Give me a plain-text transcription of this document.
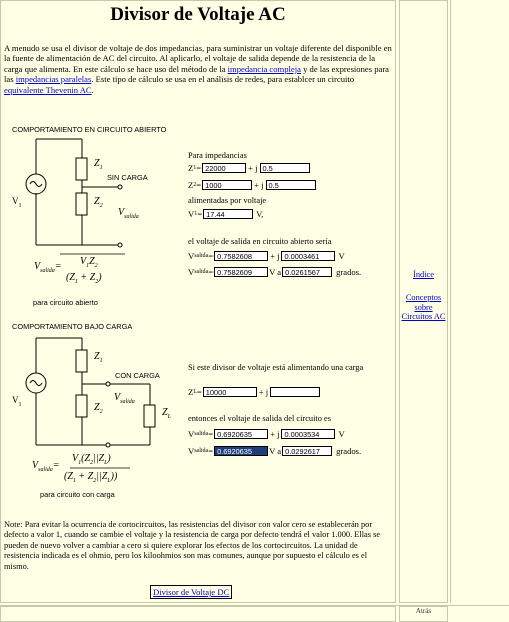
Divisor de Voltaje AC
A menudo se usa el divisor de voltaje de dos impedancias, para suministrar un voltaje diferente del disponible en la fuente de alimentación de AC del circuito. Al aplicarlo, el voltaje de salida depende de la resistencia de la carga que alimenta. En este cálculo se hace uso del método de la impedancia compleja y de las expresiones para las impedancias paralelas. Este tipo de cálculo se usa en el análisis de redes, para establcer un circuito equivalente Thevenin AC.
COMPORTAMIENTO EN CIRCUITO ABIERTO
$Z_1$
SIN CARGA
$Z_2$
$V_1$
$V_{salida}$
$V_{salida}= V_1Z_2$
$(Z_1 + Z_2)$
para circuito abierto
Para impedancias
Z 1 = 22000	+ j 0.5
Z 2 = 1000	+ j 0.5
alimentadas por voltaje
V 1 = 17.44	V,
el voltaje de salida en circuito abierto sería
V salida = 0.7582608	+ j 0.0003461	V
V salida = 0.7582609	V a 0.0261567	grados.
COMPORTAMIENTO BAJO CARGA
$Z_1$
CON CARGA
$V_{salida}$
$V_1$	$Z_2$	$Z_L$
$V_{salida}=$
$V_1(Z_2||Z_L)$
$(Z_1 + Z_2||Z_L)$)
para circuito con carga
Si este divisor de voltaje está alimentando una carga
Z L = 10000	+ j
entonces el voltaje de salida del circuito es
V salida = 0.6920635	+ j 0.0003534	V
V salida = 0.6920635	V a 0.0292617	grados.
Note: Para evitar la ocurrencia de cortocircuitos, las resistencias del divisor con valor cero se establecerán por defecto a valor 1, cuando se cambie el voltaje y la resistencia de carga por defecto tendrá el valor 1.000. Ellas se pueden de nuevo volver a cambiar a cero si quiere explorar los efectos de los cortocircuitos. La unidad de resistencia indicada es el ohmio, pero los kiloohmios son mas comunes, aunque por supuesto el cálculo es el mismo.
Divisor de Voltaje DC
Índice
Conceptos sobre Circuitos AC
Atrás
